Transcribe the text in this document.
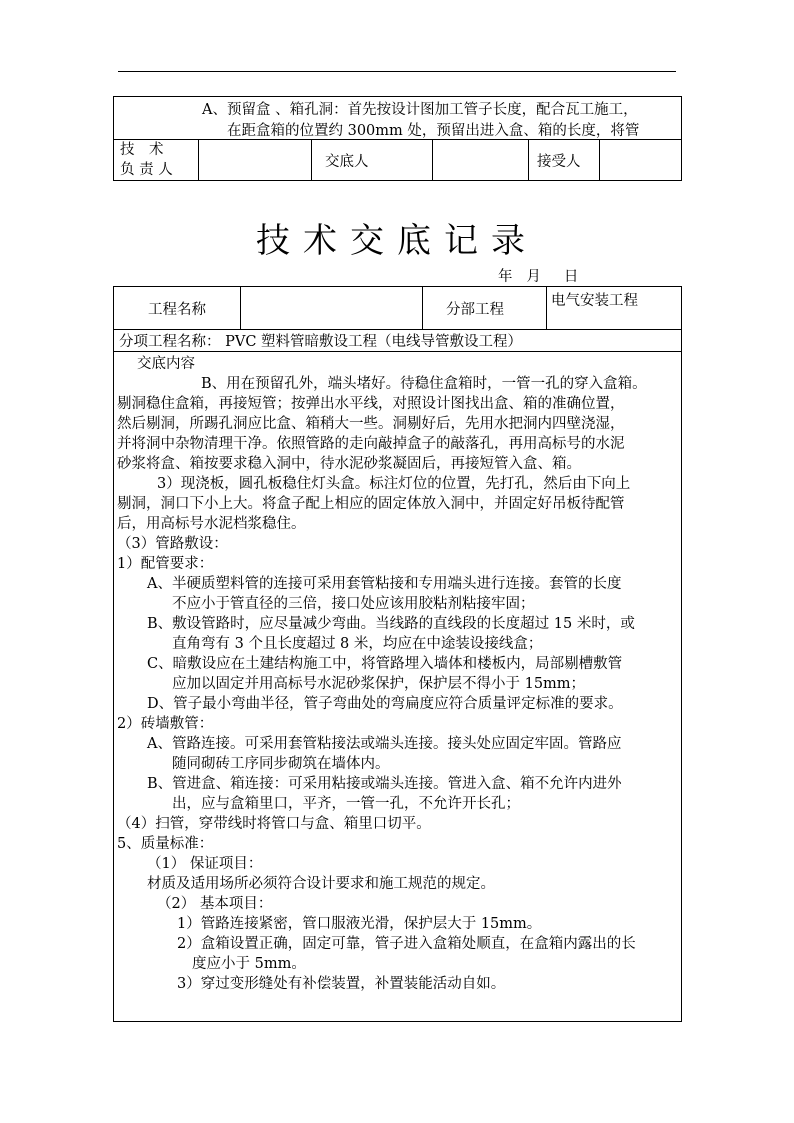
A、预留盒 、箱孔洞：首先按设计图加工管子长度，配合瓦工施工，
在距盒箱的位置约 300mm 处，预留出进入盒、箱的长度，将管

技　术
负 责 人
		交底人		接受人	
技术交底记录
年   月     日
工程名称		分部工程	电气安装工程
分项工程名称： PVC 塑料管暗敷设工程（电线导管敷设工程）

交底内容
B、用在预留孔外，端头堵好。待稳住盒箱时，一管一孔的穿入盒箱。
剔洞稳住盒箱，再接短管；按弹出水平线，对照设计图找出盒、箱的准确位置，
然后剔洞，所踢孔洞应比盒、箱稍大一些。洞剔好后，先用水把洞内四壁浇湿，
并将洞中杂物清理干净。依照管路的走向敲掉盒子的敲落孔，再用高标号的水泥
砂浆将盒、箱按要求稳入洞中，待水泥砂浆凝固后，再接短管入盒、箱。
3）现浇板，圆孔板稳住灯头盒。标注灯位的位置，先打孔，然后由下向上
剔洞，洞口下小上大。将盒子配上相应的固定体放入洞中，并固定好吊板待配管
后，用高标号水泥档浆稳住。
（3）管路敷设：
1）配管要求：
A、半硬质塑料管的连接可采用套管粘接和专用端头进行连接。套管的长度
不应小于管直径的三倍，接口处应该用胶粘剂粘接牢固；
B、敷设管路时，应尽量减少弯曲。当线路的直线段的长度超过 15 米时，或
直角弯有 3 个且长度超过 8 米，均应在中途装设接线盒；
C、暗敷设应在土建结构施工中，将管路埋入墙体和楼板内，局部剔槽敷管
应加以固定并用高标号水泥砂浆保护，保护层不得小于 15mm；
D、管子最小弯曲半径，管子弯曲处的弯扁度应符合质量评定标准的要求。
2）砖墙敷管：
A、管路连接。可采用套管粘接法或端头连接。接头处应固定牢固。管路应
随同砌砖工序同步砌筑在墙体内。
B、管进盒、箱连接：可采用粘接或端头连接。管进入盒、箱不允许内进外
出，应与盒箱里口，平齐，一管一孔，不允许开长孔；
（4）扫管，穿带线时将管口与盒、箱里口切平。
5、质量标准：
（1） 保证项目：
材质及适用场所必须符合设计要求和施工规范的规定。
（2） 基本项目：
1）管路连接紧密，管口服液光滑，保护层大于 15mm。
2）盒箱设置正确，固定可靠，管子进入盒箱处顺直，在盒箱内露出的长
度应小于 5mm。
3）穿过变形缝处有补偿装置，补置装能活动自如。
